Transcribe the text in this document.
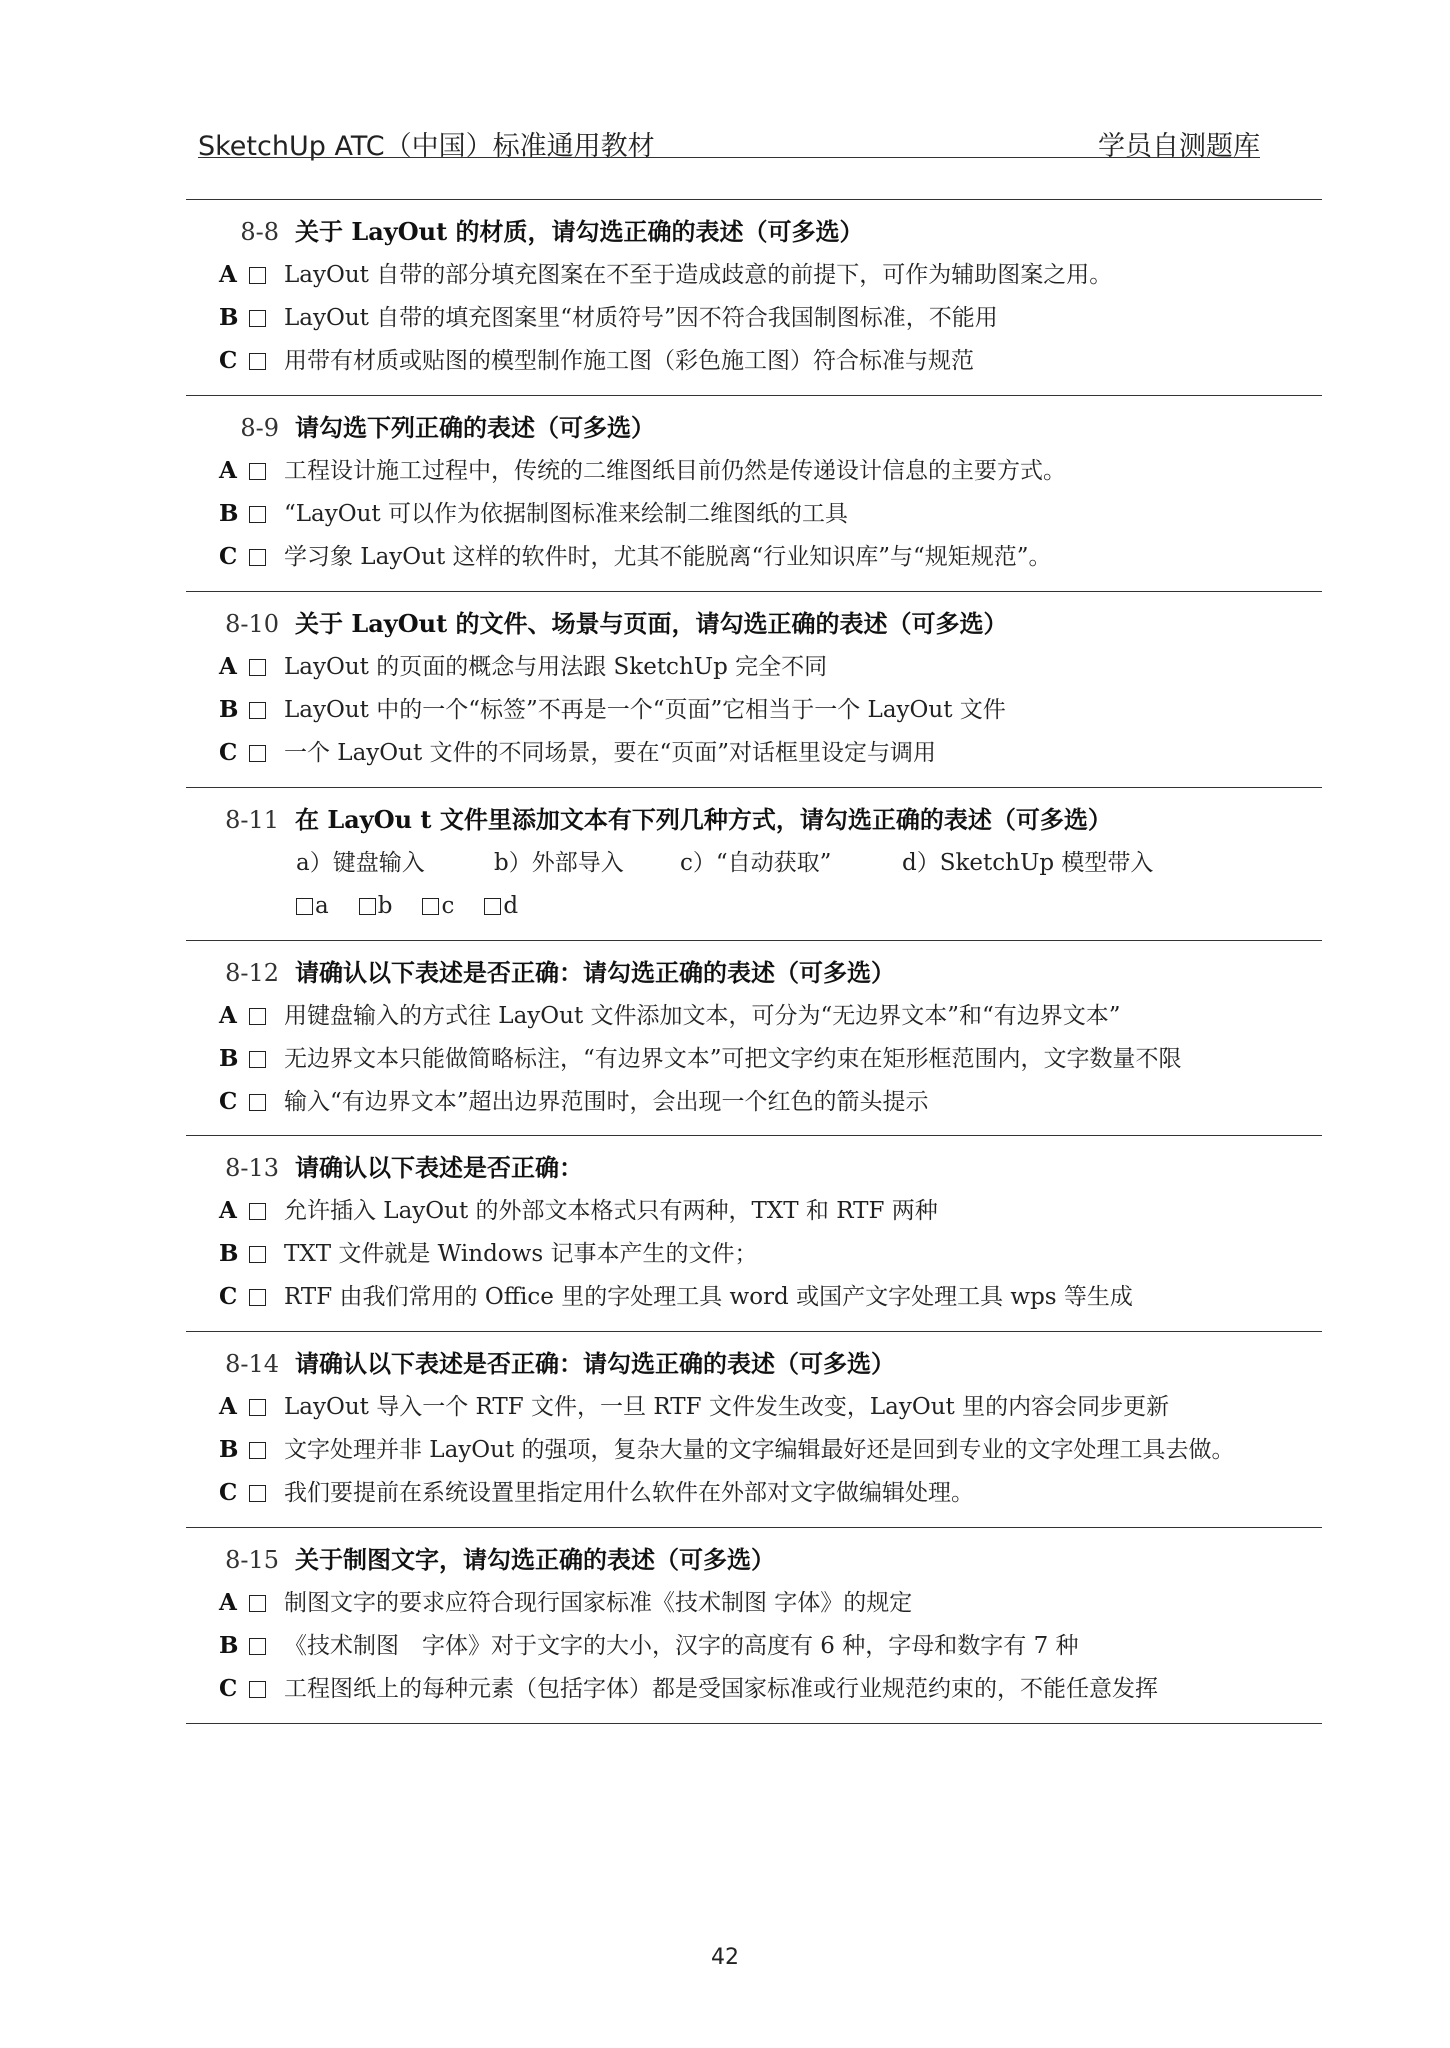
SketchUp ATC（中国）标准通用教材	学员自测题库
8-8 关于 LayOut 的材质，请勾选正确的表述（可多选）
A LayOut 自带的部分填充图案在不至于造成歧意的前提下，可作为辅助图案之用。
B LayOut 自带的填充图案里“材质符号”因不符合我国制图标准，不能用
C 用带有材质或贴图的模型制作施工图（彩色施工图）符合标准与规范
8-9 请勾选下列正确的表述（可多选）
A 工程设计施工过程中，传统的二维图纸目前仍然是传递设计信息的主要方式。
B “LayOut 可以作为依据制图标准来绘制二维图纸的工具
C 学习象 LayOut 这样的软件时，尤其不能脱离“行业知识库”与“规矩规范”。
8-10 关于 LayOut 的文件、场景与页面，请勾选正确的表述（可多选）
A LayOut 的页面的概念与用法跟 SketchUp 完全不同
B LayOut 中的一个“标签”不再是一个“页面”它相当于一个 LayOut 文件
C 一个 LayOut 文件的不同场景，要在“页面”对话框里设定与调用
8-11 在 LayOu t 文件里添加文本有下列几种方式，请勾选正确的表述（可多选）
a）键盘输入	b）外部导入 c）“自动获取”	d）SketchUp 模型带入
a b c d
8-12 请确认以下表述是否正确：请勾选正确的表述（可多选）
A 用键盘输入的方式往 LayOut 文件添加文本，可分为“无边界文本”和“有边界文本”
B 无边界文本只能做简略标注，“有边界文本”可把文字约束在矩形框范围内，文字数量不限
C 输入“有边界文本”超出边界范围时，会出现一个红色的箭头提示
8-13 请确认以下表述是否正确：
A 允许插入 LayOut 的外部文本格式只有两种，TXT 和 RTF 两种
B TXT 文件就是 Windows 记事本产生的文件；
C RTF 由我们常用的 Office 里的字处理工具 word 或国产文字处理工具 wps 等生成
8-14 请确认以下表述是否正确：请勾选正确的表述（可多选）
A LayOut 导入一个 RTF 文件，一旦 RTF 文件发生改变，LayOut 里的内容会同步更新
B 文字处理并非 LayOut 的强项，复杂大量的文字编辑最好还是回到专业的文字处理工具去做。
C 我们要提前在系统设置里指定用什么软件在外部对文字做编辑处理。
8-15 关于制图文字，请勾选正确的表述（可多选）
A 制图文字的要求应符合现行国家标准《技术制图 字体》的规定
B 《技术制图　字体》对于文字的大小，汉字的高度有 6 种，字母和数字有 7 种
C 工程图纸上的每种元素（包括字体）都是受国家标准或行业规范约束的，不能任意发挥
42
